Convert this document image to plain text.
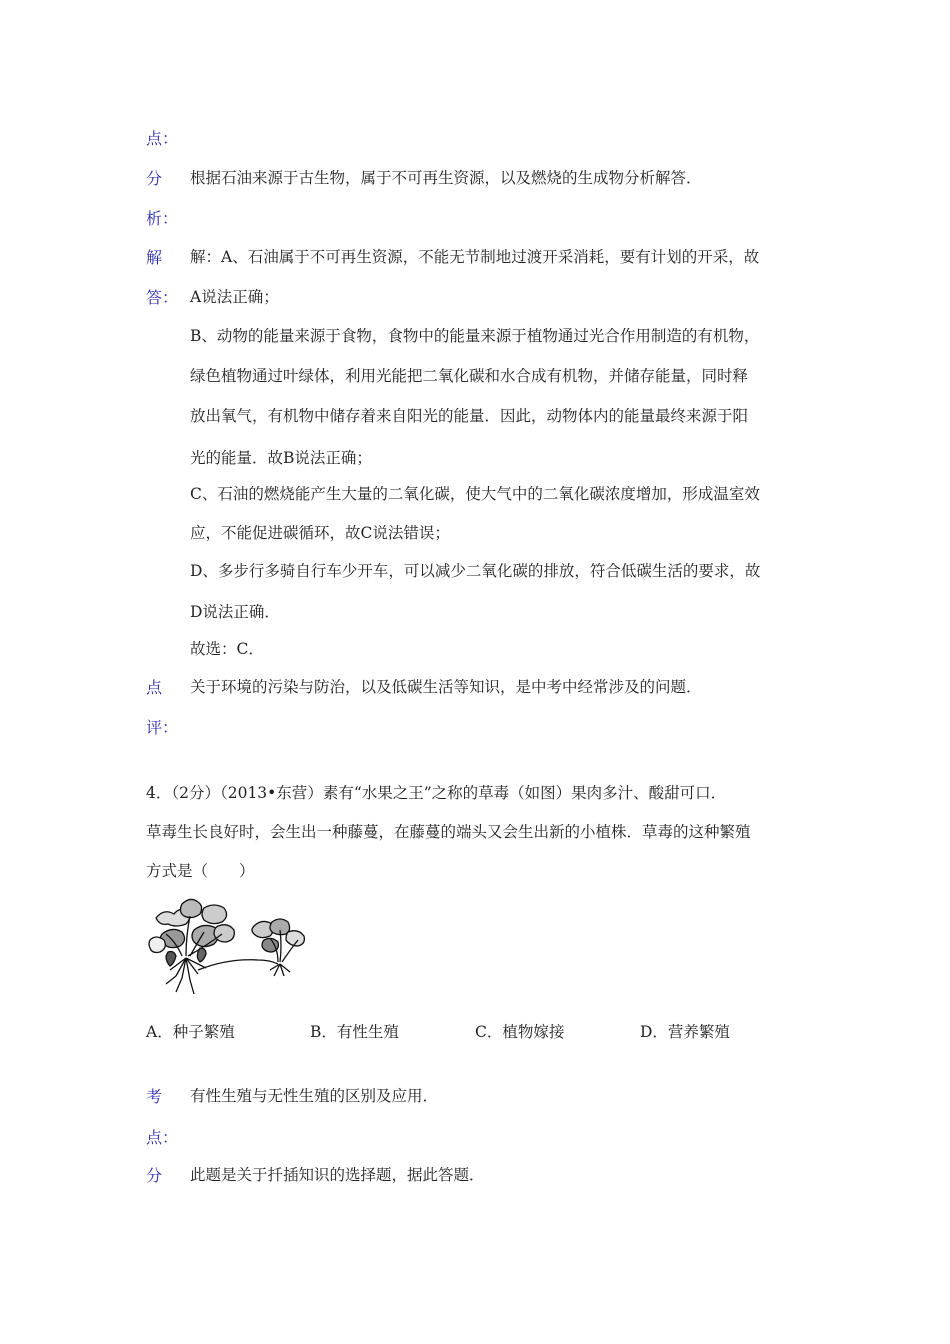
点：
分 根据石油来源于古生物，属于不可再生资源，以及燃烧的生成物分析解答．
析：
解 解：A、石油属于不可再生资源，不能无节制地过渡开采消耗，要有计划的开采，故
答： A说法正确；
B、动物的能量来源于食物，食物中的能量来源于植物通过光合作用制造的有机物，
绿色植物通过叶绿体，利用光能把二氧化碳和水合成有机物，并储存能量，同时释
放出氧气，有机物中储存着来自阳光的能量．因此，动物体内的能量最终来源于阳
光的能量．故B说法正确；
C、石油的燃烧能产生大量的二氧化碳，使大气中的二氧化碳浓度增加，形成温室效
应，不能促进碳循环，故C说法错误；
D、多步行多骑自行车少开车，可以减少二氧化碳的排放，符合低碳生活的要求，故
D说法正确．
故选：C．
点 关于环境的污染与防治，以及低碳生活等知识，是中考中经常涉及的问题．
评：
4．（2分）（2013•东营）素有“水果之王”之称的草毒（如图）果肉多汁、酸甜可口．
草毒生长良好时，会生出一种藤蔓，在藤蔓的端头又会生出新的小植株．草毒的这种繁殖
方式是（　　）
A．种子繁殖	B．有性生殖	C．植物嫁接	D．营养繁殖
考 有性生殖与无性生殖的区别及应用．
点：
分 此题是关于扦插知识的选择题，据此答题．
